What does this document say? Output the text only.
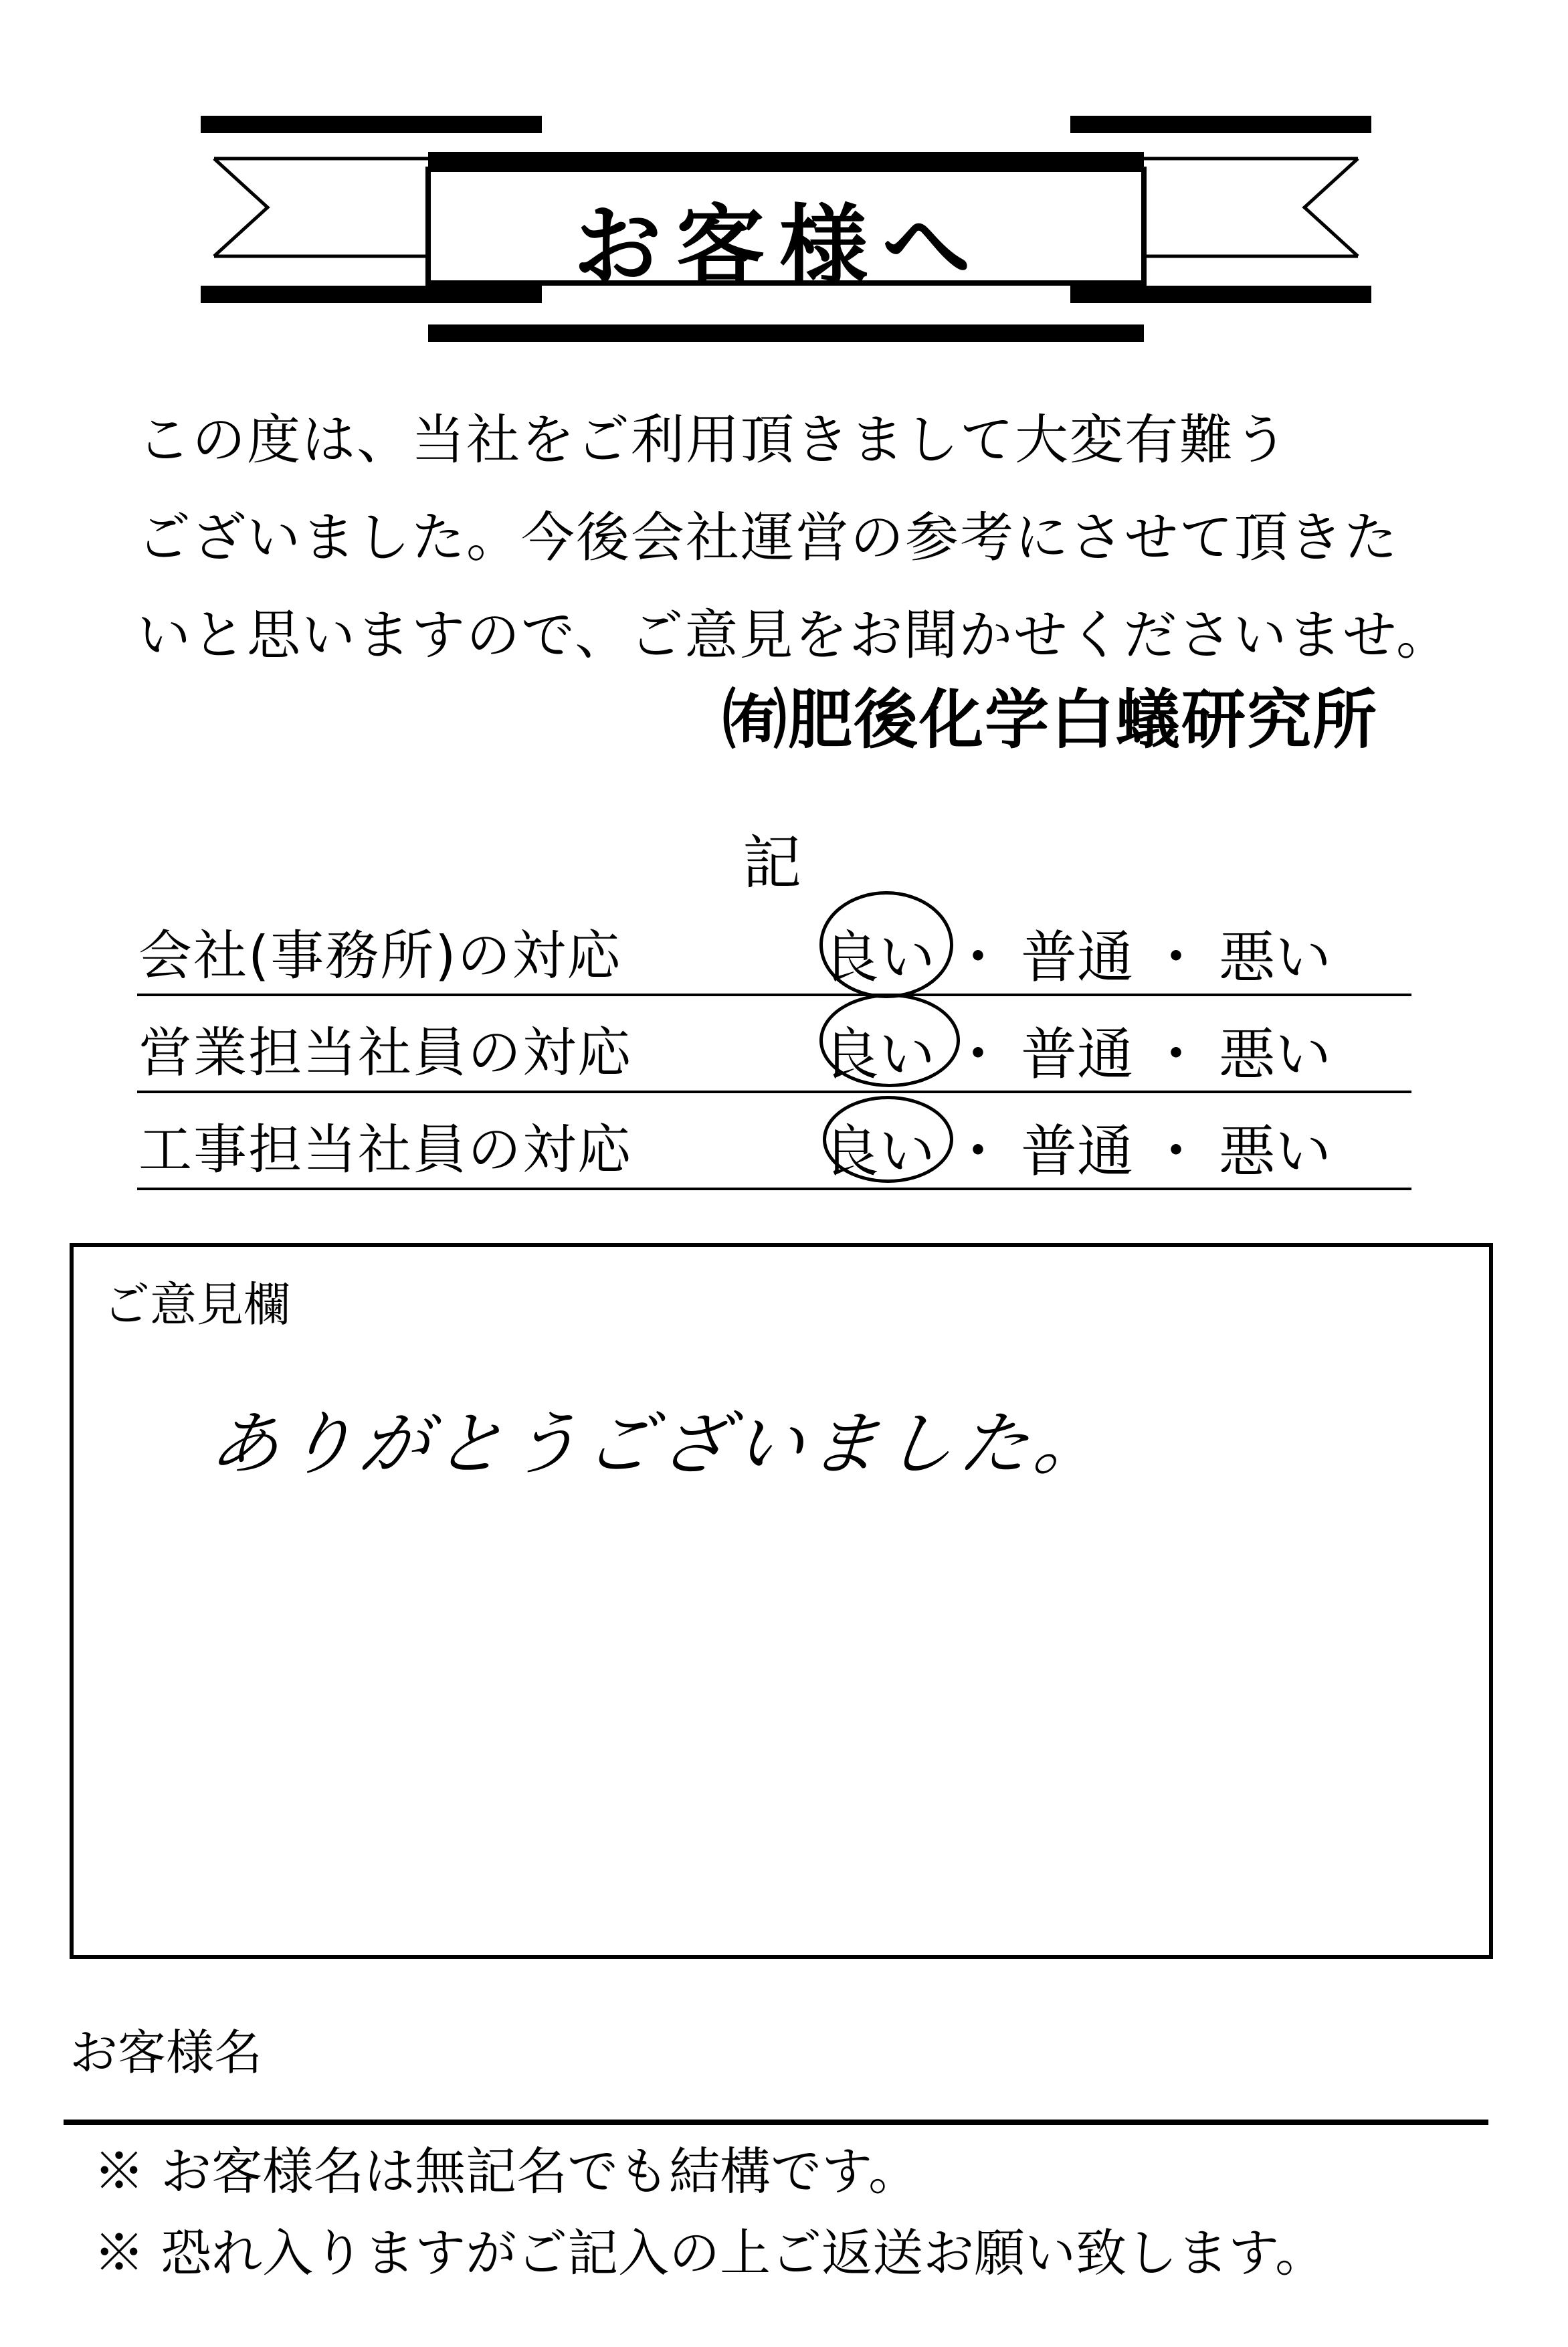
お客様へ
この度は、当社をご利用頂きまして大変有難う
ございました。今後会社運営の参考にさせて頂きた
いと思いますので、ご意見をお聞かせくださいませ。
㈲肥後化学白蟻研究所
記
会社(事務所)の対応	良い ・ 普通 ・ 悪い
営業担当社員の対応	良い ・ 普通 ・ 悪い
工事担当社員の対応	良い ・ 普通 ・ 悪い
ご意見欄
ありがとうございました。
お客様名
※ お客様名は無記名でも結構です。
※ 恐れ入りますがご記入の上ご返送お願い致します。
